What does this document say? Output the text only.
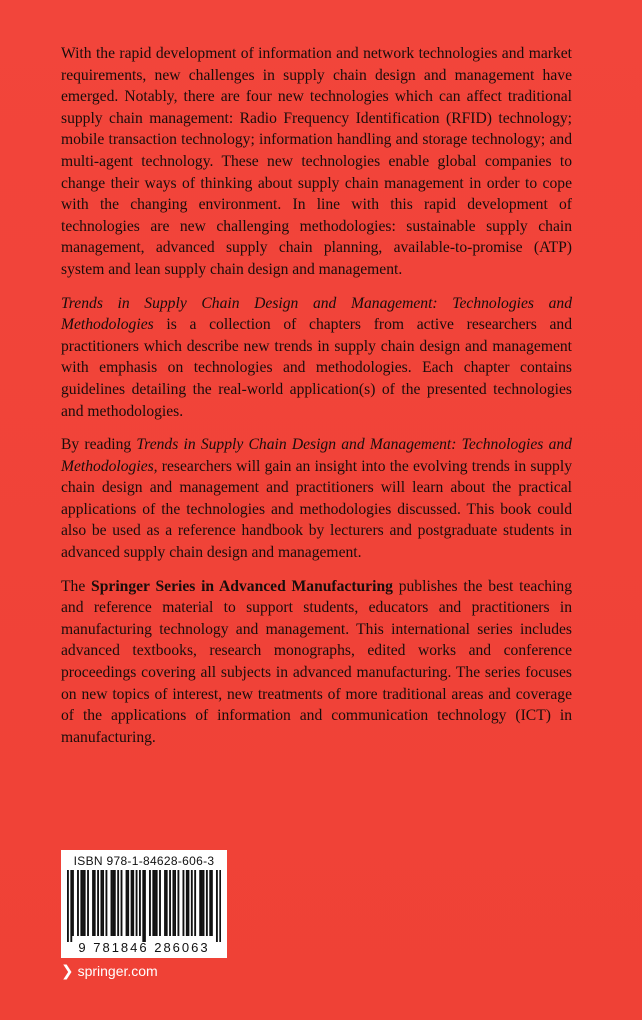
With the rapid development of information and network technologies and market requirements, new challenges in supply chain design and management have emerged. Notably, there are four new technologies which can affect traditional supply chain management: Radio Frequency Identification (RFID) technology; mobile transaction technology; information handling and storage technology; and multi-agent technology. These new technologies enable global companies to change their ways of thinking about supply chain management in order to cope with the changing environment. In line with this rapid development of technologies are new challenging methodologies: sustainable supply chain management, advanced supply chain planning, available-to-promise (ATP) system and lean supply chain design and management.

Trends in Supply Chain Design and Management: Technologies and Methodologies is a collection of chapters from active researchers and practitioners which describe new trends in supply chain design and management with emphasis on technologies and methodologies. Each chapter contains guidelines detailing the real-world application(s) of the presented technologies and methodologies.

By reading Trends in Supply Chain Design and Management: Technologies and Methodologies, researchers will gain an insight into the evolving trends in supply chain design and management and practitioners will learn about the practical applications of the technologies and methodologies discussed. This book could also be used as a reference handbook by lecturers and postgraduate students in advanced supply chain design and management.

The Springer Series in Advanced Manufacturing publishes the best teaching and reference material to support students, educators and practitioners in manufacturing technology and management. This international series includes advanced textbooks, research monographs, edited works and conference proceedings covering all subjects in advanced manufacturing. The series focuses on new topics of interest, new treatments of more traditional areas and coverage of the applications of information and communication technology (ICT) in manufacturing.

ISBN 978-1-84628-606-3
9 781846 286063
❯ springer.com
